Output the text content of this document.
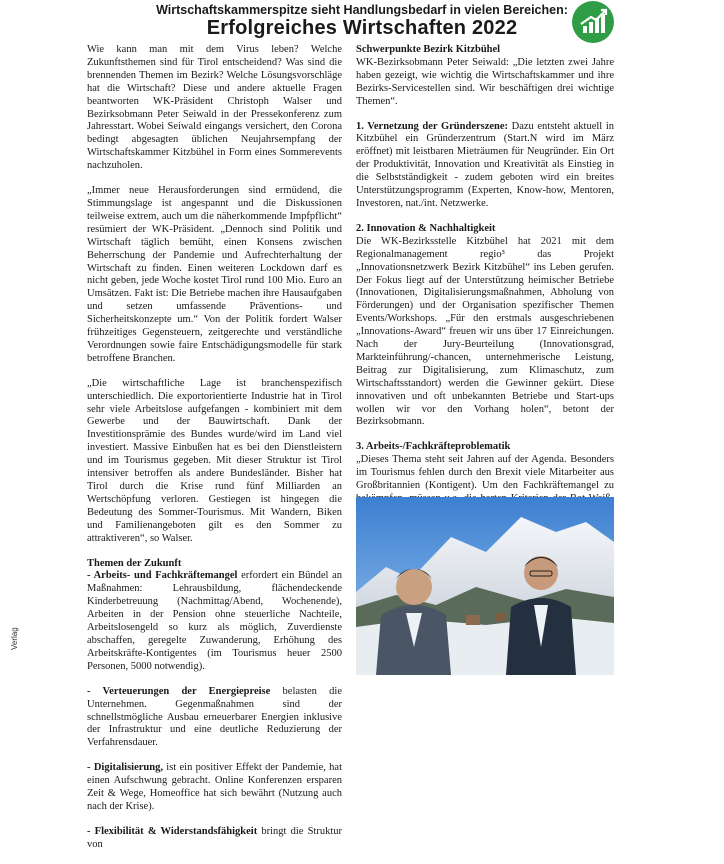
Wirtschaftskammerspitze sieht Handlungsbedarf in vielen Bereichen:
Erfolgreiches Wirtschaften 2022

Wie kann man mit dem Virus leben? Welche Zukunftsthemen sind für Tirol entscheidend? Was sind die brennenden Themen im Bezirk? Welche Lösungsvorschläge hat die Wirtschaft? Diese und andere aktuelle Fragen beantworten WK-Präsident Christoph Walser und Bezirksobmann Peter Seiwald in der Pressekonferenz zum Jahresstart. Wobei Seiwald eingangs versichert, den Corona bedingt abgesagten üblichen Neujahrsempfang der Wirtschaftskammer Kitzbühel in Form eines Sommerevents nachzuholen.

„Immer neue Herausforderungen sind ermüdend, die Stimmungslage ist angespannt und die Diskussionen teilweise extrem, auch um die näherkommende Impfpflicht“ resümiert der WK-Präsident. „Dennoch sind Politik und Wirtschaft täglich bemüht, einen Konsens zwischen Beherrschung der Pandemie und Aufrechterhaltung der Wirtschaft zu finden. Einen weiteren Lockdown darf es nicht geben, jede Woche kostet Tirol rund 100 Mio. Euro an Umsätzen. Fakt ist: Die Betriebe machen ihre Hausaufgaben und setzen umfassende Präventions- und Sicherheitskonzepte um.“ Von der Politik fordert Walser frühzeitiges Gegensteuern, zeitgerechte und verständliche Verordnungen sowie faire Entschädigungsmodelle für stark betroffene Branchen.

„Die wirtschaftliche Lage ist branchenspezifisch unterschiedlich. Die exportorientierte Industrie hat in Tirol sehr viele Arbeitslose aufgefangen - kombiniert mit dem Gewerbe und der Bauwirtschaft. Dank der Investitionsprämie des Bundes wurde/wird im Land viel investiert. Massive Einbußen hat es bei den Dienstleistern und im Tourismus gegeben. Mit dieser Struktur ist Tirol intensiver betroffen als andere Bundesländer. Bisher hat Tirol durch die Krise rund fünf Milliarden an Wertschöpfung verloren. Gestiegen ist hingegen die Bedeutung des Sommer-Tourismus. Mit Wandern, Biken und Familienangeboten gilt es den Sommer zu attraktiveren“, so Walser.

Themen der Zukunft

- Arbeits- und Fachkräftemangel erfordert ein Bündel an Maßnahmen: Lehrausbildung, flächendeckende Kinderbetreuung (Nachmittag/Abend, Wochenende), Arbeiten in der Pension ohne steuerliche Nachteile, Arbeitslosengeld so kurz als möglich, Zuverdienste abschaffen, geregelte Zuwanderung, Erhöhung des Arbeitskräfte-Kontigentes (im Tourismus heuer 2500 Personen, 5000 notwendig).

- Verteuerungen der Energiepreise belasten die Unternehmen. Gegenmaßnahmen sind der schnellstmögliche Ausbau erneuerbarer Energien inklusive der Infrastruktur und eine deutliche Reduzierung der Verfahrensdauer.

- Digitalisierung, ist ein positiver Effekt der Pandemie, hat einen Aufschwung gebracht. Online Konferenzen ersparen Zeit & Wege, Homeoffice hat sich bewährt (Nutzung auch nach der Krise).

- Flexibilität & Widerstandsfähigkeit bringt die Struktur von

Schwerpunkte Bezirk Kitzbühel

WK-Bezirksobmann Peter Seiwald: „Die letzten zwei Jahre haben gezeigt, wie wichtig die Wirtschaftskammer und ihre Bezirks-Servicestellen sind. Wir beschäftigen drei wichtige Themen“.

1. Vernetzung der Gründerszene: Dazu entsteht aktuell in Kitzbühel ein Gründerzentrum (Start.N wird im März eröffnet) mit leistbaren Mieträumen für Neugründer. Ein Ort der Produktivität, Innovation und Kreativität als Einstieg in die Selbstständigkeit - zudem geboten wird ein breites Unterstützungsprogramm (Experten, Know-how, Mentoren, Investoren, nat./int. Netzwerke.

2. Innovation & Nachhaltigkeit

Die WK-Bezirksstelle Kitzbühel hat 2021 mit dem Regionalmanagement regio³ das Projekt „Innovationsnetzwerk Bezirk Kitzbühel“ ins Leben gerufen. Der Fokus liegt auf der Unterstützung heimischer Betriebe (Innovationen, Digitalisierungsmaßnahmen, Abholung von Förderungen) und der Organisation spezifischer Themen Events/Workshops. „Für den erstmals ausgeschriebenen „Innovations-Award“ freuen wir uns über 17 Einreichungen. Nach der Jury-Beurteilung (Innovationsgrad, Markteinführung/-chancen, unternehmerische Leistung, Beitrag zur Digitalisierung, zum Klimaschutz, zum Wirtschaftsstandort) werden die Gewinner gekürt. Diese innovativen und oft unbekannten Betriebe und Start-ups wollen wir vor den Vorhang holen“, betont der Bezirksobmann.

3. Arbeits-/Fachkräfteproblematik

„Dieses Thema steht seit Jahren auf der Agenda. Besonders im Tourismus fehlen durch den Brexit viele Mitarbeiter aus Großbritannien (Kontigent). Um den Fachkräftemangel zu

Verlag
